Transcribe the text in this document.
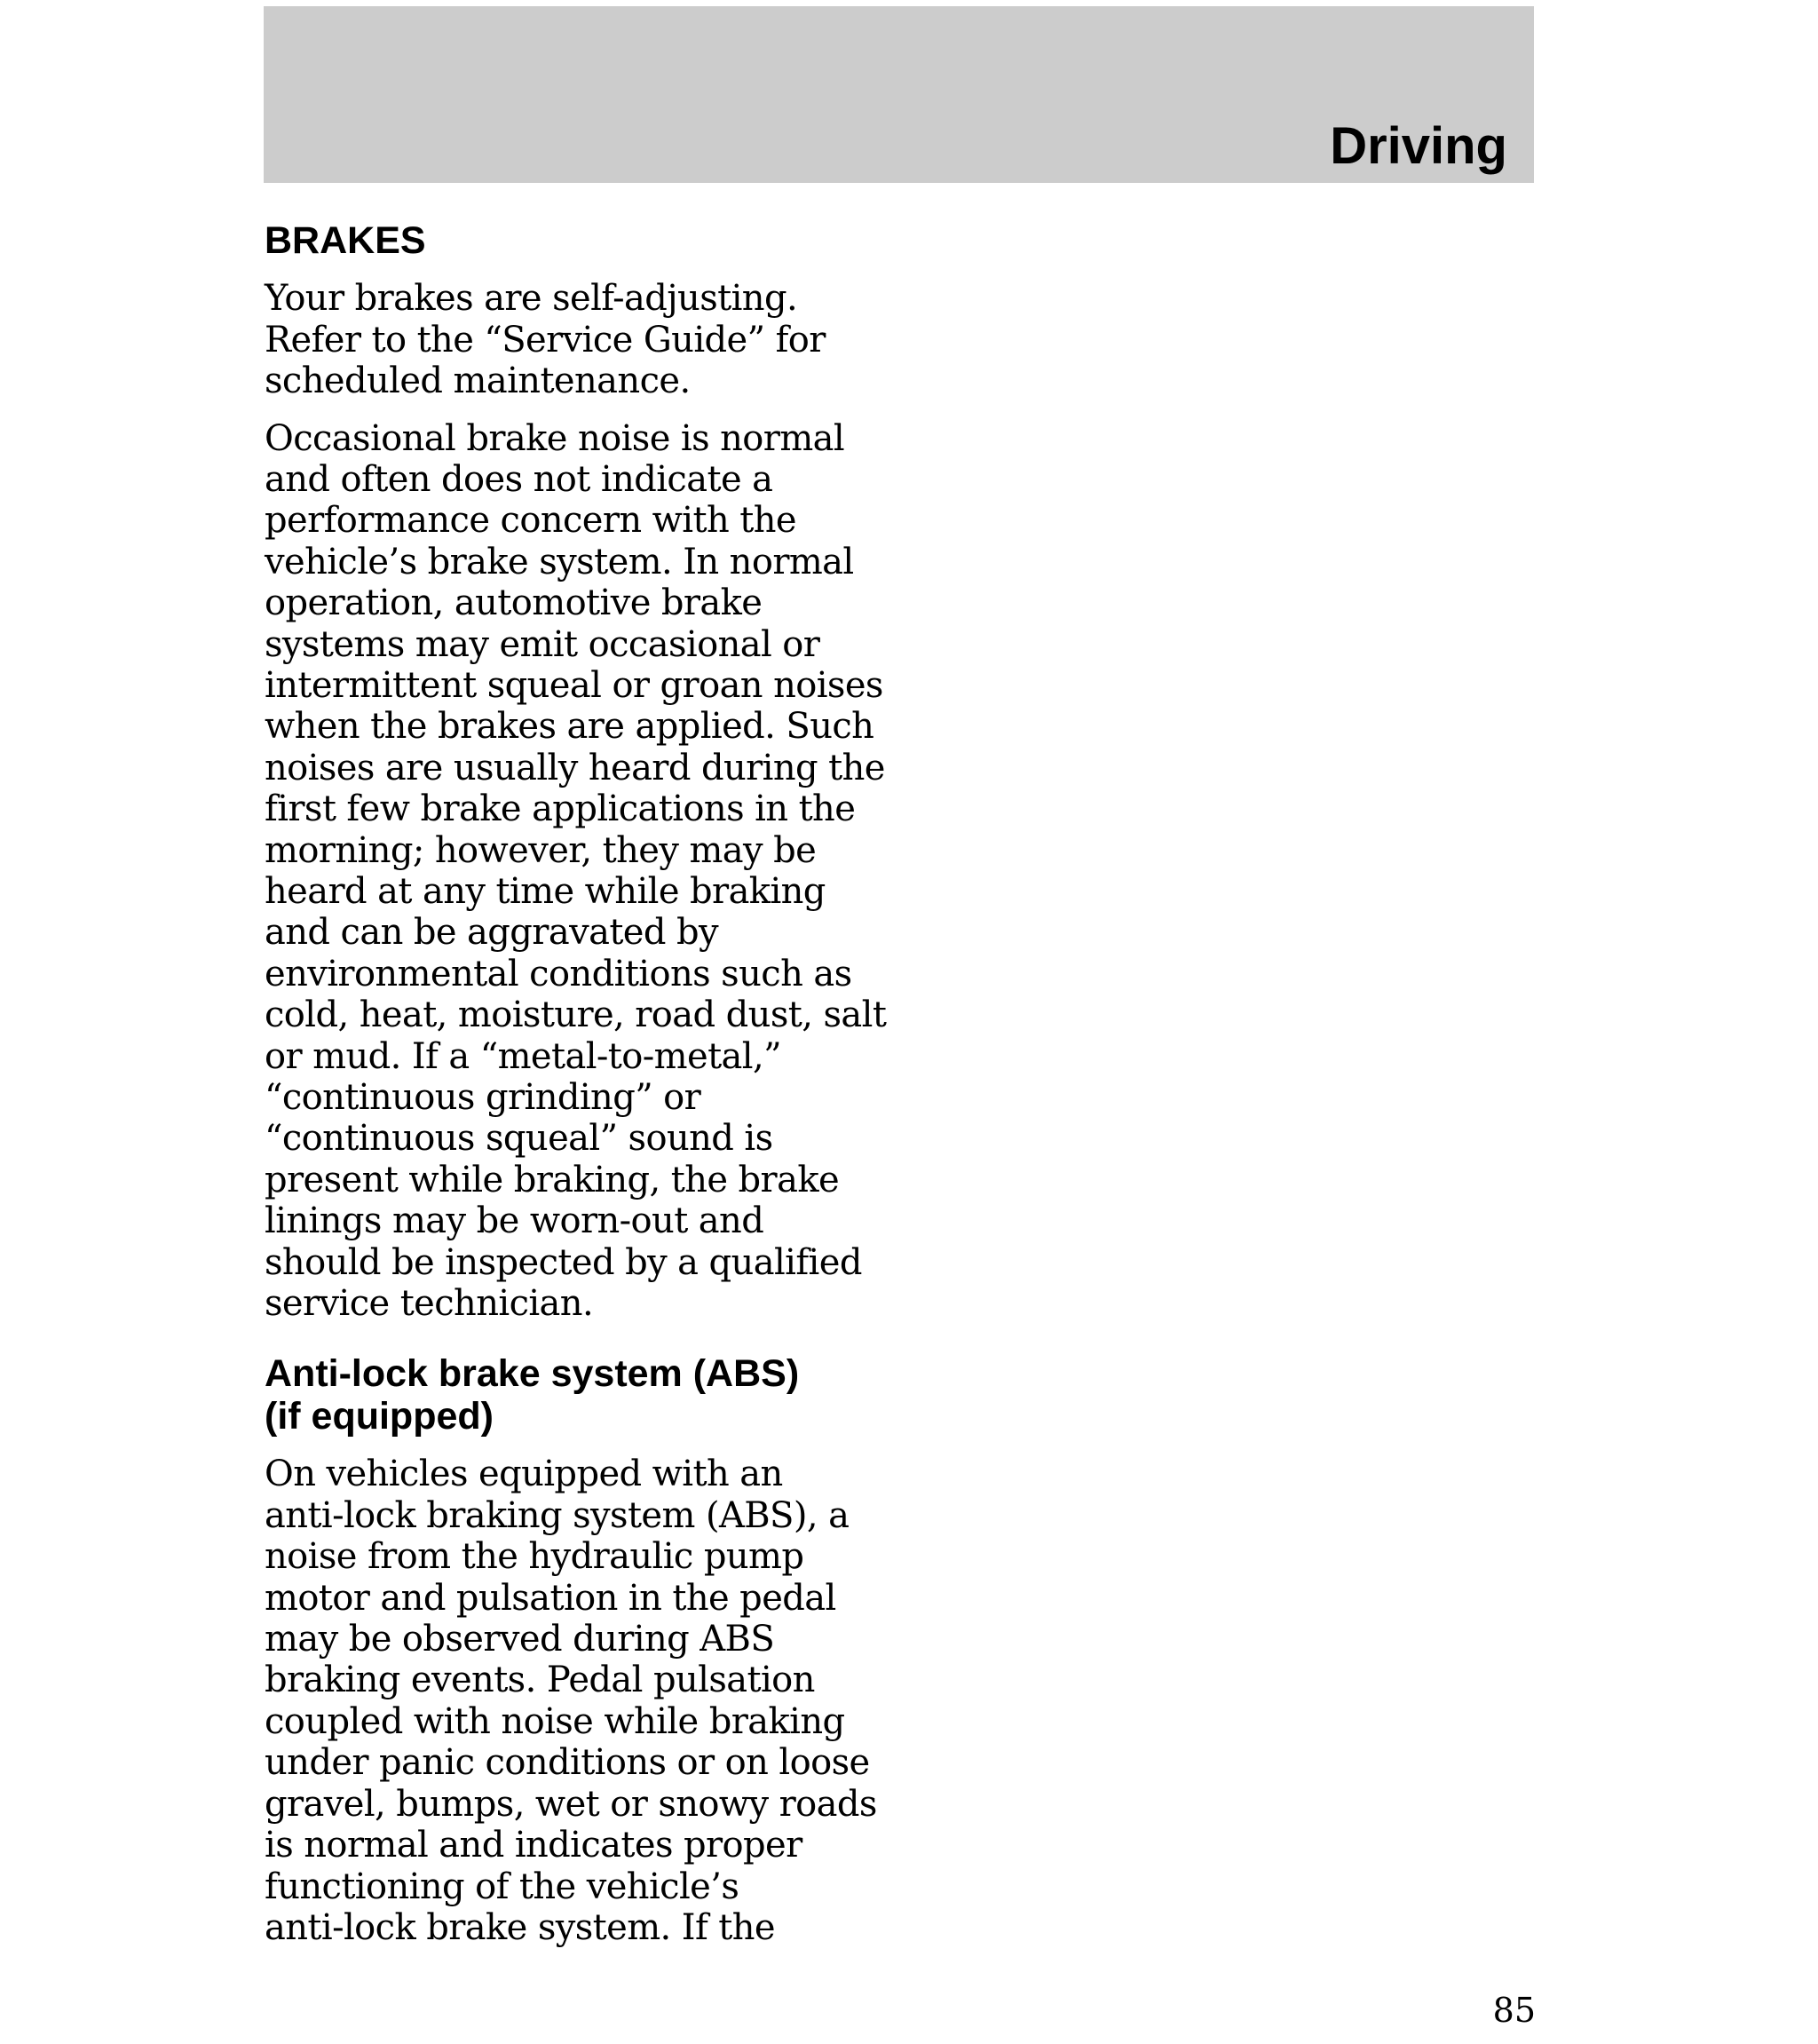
Driving
BRAKES

Your brakes are self-adjusting.
Refer to the “Service Guide” for
scheduled maintenance.

Occasional brake noise is normal
and often does not indicate a
performance concern with the
vehicle’s brake system. In normal
operation, automotive brake
systems may emit occasional or
intermittent squeal or groan noises
when the brakes are applied. Such
noises are usually heard during the
first few brake applications in the
morning; however, they may be
heard at any time while braking
and can be aggravated by
environmental conditions such as
cold, heat, moisture, road dust, salt
or mud. If a “metal-to-metal,”
“continuous grinding” or
“continuous squeal” sound is
present while braking, the brake
linings may be worn-out and
should be inspected by a qualified
service technician.

Anti-lock brake system (ABS)
(if equipped)

On vehicles equipped with an
anti-lock braking system (ABS), a
noise from the hydraulic pump
motor and pulsation in the pedal
may be observed during ABS
braking events. Pedal pulsation
coupled with noise while braking
under panic conditions or on loose
gravel, bumps, wet or snowy roads
is normal and indicates proper
functioning of the vehicle’s
anti-lock brake system. If the

85
